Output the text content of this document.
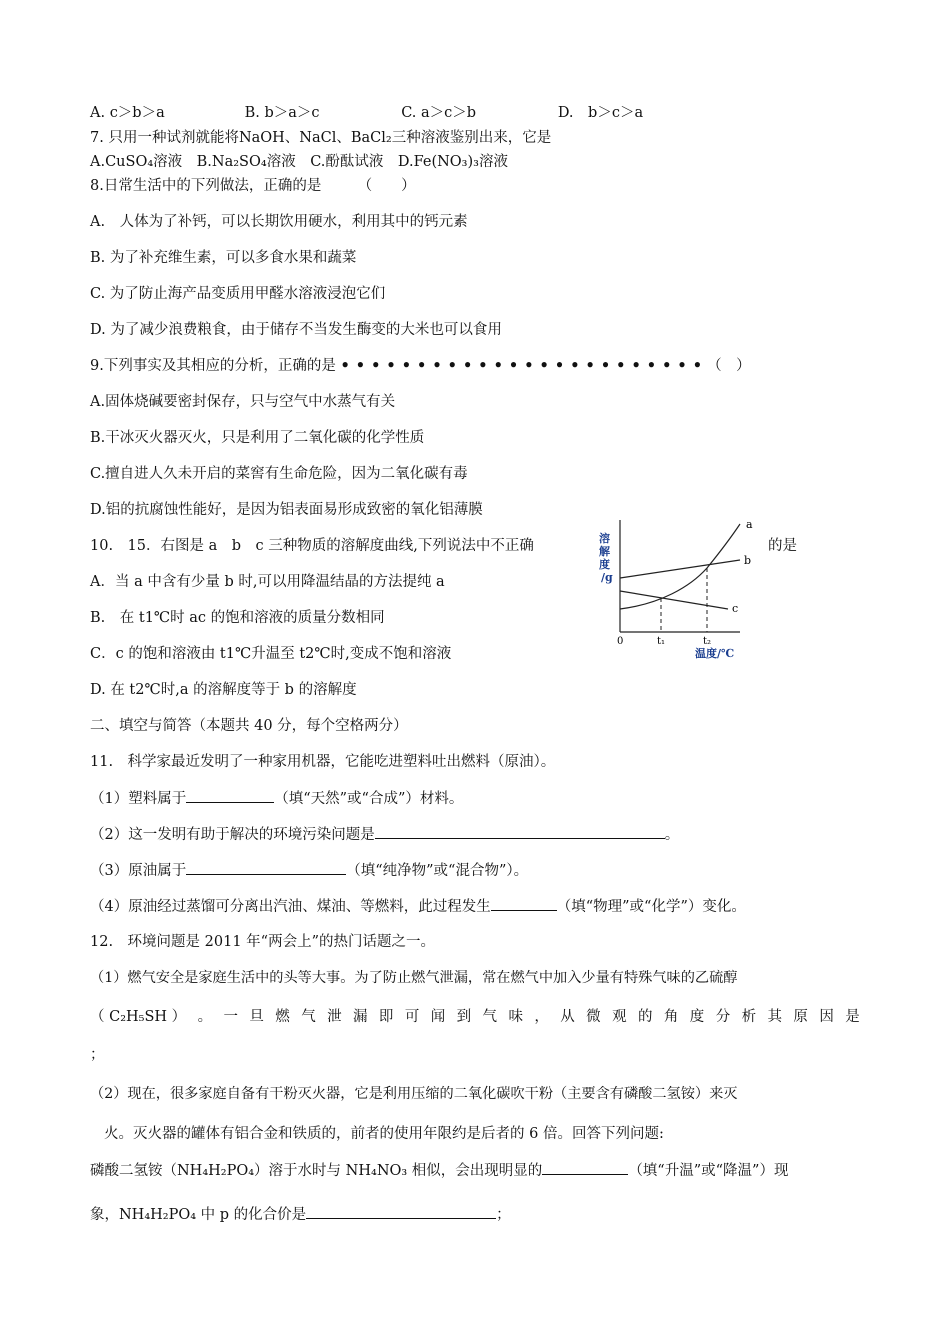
A. c＞b＞a	B. b＞a＞c	C. a＞c＞b	D.　b＞c＞a
7. 只用一种试剂就能将NaOH、NaCl、BaCl₂三种溶液鉴别出来，它是
A.CuSO₄溶液　B.Na₂SO₄溶液　C.酚酞试液　D.Fe(NO₃)₃溶液
8.日常生活中的下列做法，正确的是　　　（　　）
A.　人体为了补钙，可以长期饮用硬水，利用其中的钙元素
B. 为了补充维生素，可以多食水果和蔬菜
C. 为了防止海产品变质用甲醛水溶液浸泡它们
D. 为了减少浪费粮食，由于储存不当发生酶变的大米也可以食用
9.下列事实及其相应的分析，正确的是 • • • • • • • • • • • • • • • • • • • • • • • • （　）
A.固体烧碱要密封保存，只与空气中水蒸气有关
B.干冰灭火器灭火，只是利用了二氧化碳的化学性质
C.擅自进人久未开启的菜窖有生命危险，因为二氧化碳有毒
D.铝的抗腐蚀性能好，是因为铝表面易形成致密的氧化铝薄膜
10.　15．右图是 a　b　c 三种物质的溶解度曲线,下列说法中不正确	的是
A．当 a 中含有少量 b 时,可以用降温结晶的方法提纯 a
B.　在 t1℃时 ac 的饱和溶液的质量分数相同
C．c 的饱和溶液由 t1℃升温至 t2℃时,变成不饱和溶液
D. 在 t2℃时,a 的溶解度等于 b 的溶解度
a
b
c
溶 解 度 /g
0	t₁	t₂
温度/℃
二、填空与简答（本题共 40 分，每个空格两分）
11.　科学家最近发明了一种家用机器，它能吃进塑料吐出燃料（原油）。
（1）塑料属于	（填“天然”或“合成”）材料。
（2）这一发明有助于解决的环境污染问题是	。
（3）原油属于	（填“纯净物”或“混合物”）。
（4）原油经过蒸馏可分离出汽油、煤油、等燃料，此过程发生	（填“物理”或“化学”）变化。
12.　环境问题是 2011 年“两会上”的热门话题之一。
（1）燃气安全是家庭生活中的头等大事。为了防止燃气泄漏，常在燃气中加入少量有特殊气味的乙硫醇
（ C₂H₅SH ） 。 一 旦 燃 气 泄 漏 即 可 闻 到 气 味 ， 从 微 观 的 角 度 分 析 其 原 因 是
；
（2）现在，很多家庭自备有干粉灭火器，它是利用压缩的二氧化碳吹干粉（主要含有磷酸二氢铵）来灭
火。灭火器的罐体有铝合金和铁质的，前者的使用年限约是后者的 6 倍。回答下列问题:
磷酸二氢铵（NH₄H₂PO₄）溶于水时与 NH₄NO₃ 相似，会出现明显的	（填“升温”或“降温”）现
象，NH₄H₂PO₄ 中 p 的化合价是	；
